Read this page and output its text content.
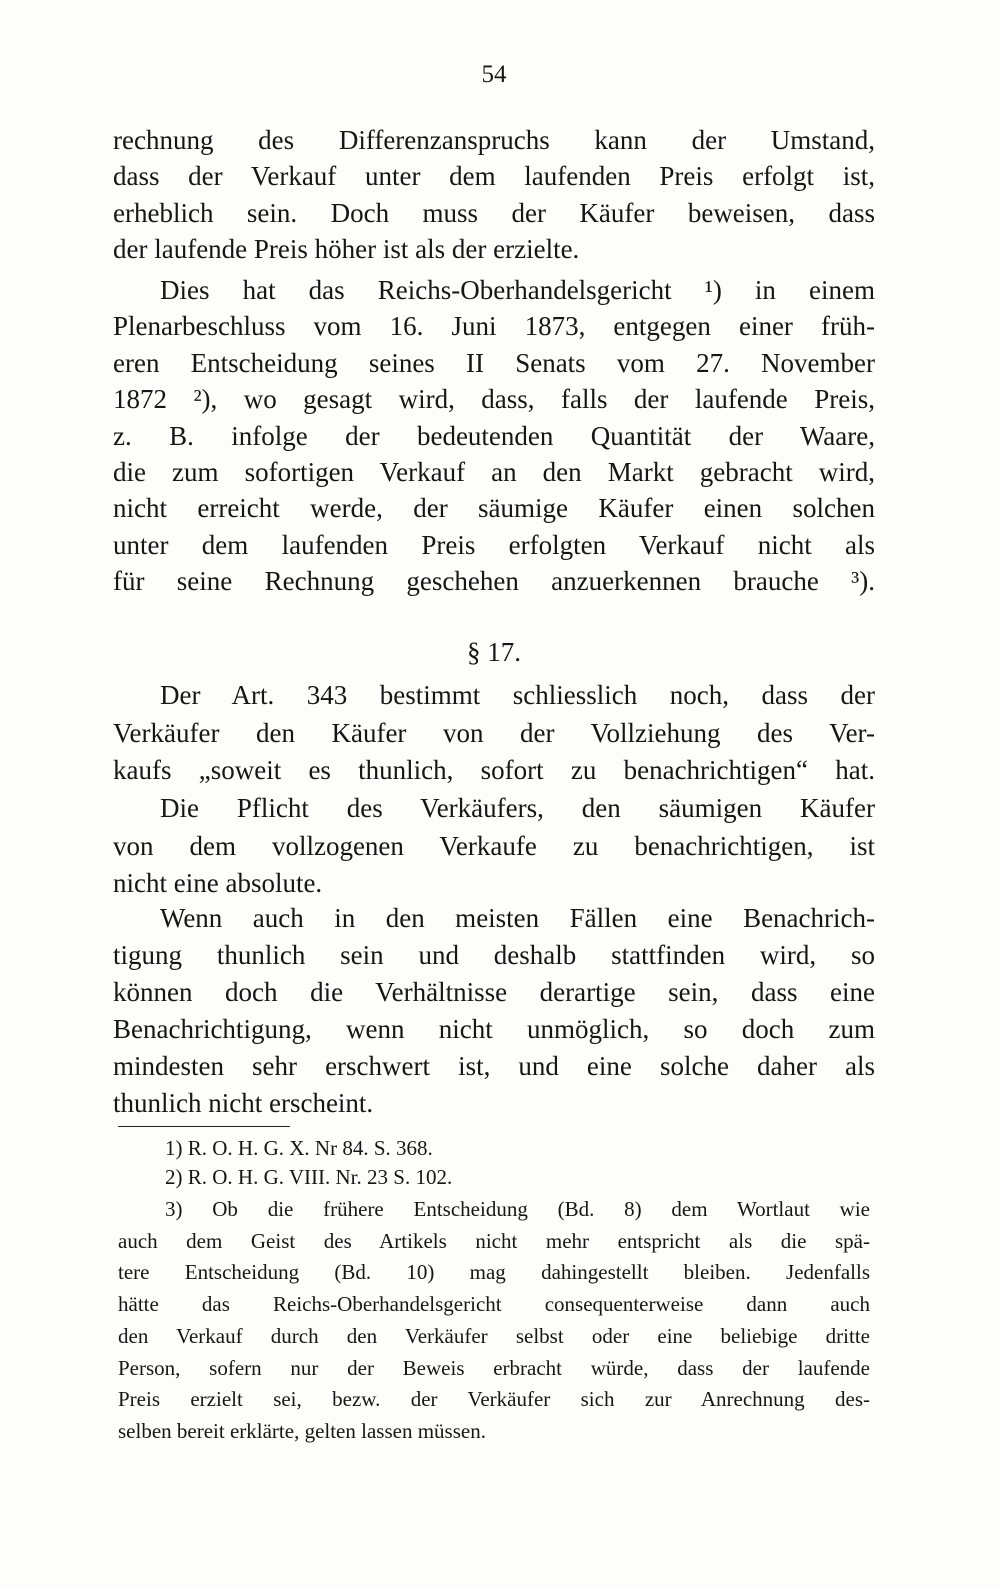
54
rechnung des Differenzanspruchs kann der Umstand,
dass der Verkauf unter dem laufenden Preis erfolgt ist,
erheblich sein. Doch muss der Käufer beweisen, dass
der laufende Preis höher ist als der erzielte.
Dies hat das Reichs-Oberhandelsgericht ¹) in einem
Plenarbeschluss vom 16. Juni 1873, entgegen einer früh-
eren Entscheidung seines II Senats vom 27. November
1872 ²), wo gesagt wird, dass, falls der laufende Preis,
z. B. infolge der bedeutenden Quantität der Waare,
die zum sofortigen Verkauf an den Markt gebracht wird,
nicht erreicht werde, der säumige Käufer einen solchen
unter dem laufenden Preis erfolgten Verkauf nicht als
für seine Rechnung geschehen anzuerkennen brauche ³).
§ 17.
Der Art. 343 bestimmt schliesslich noch, dass der
Verkäufer den Käufer von der Vollziehung des Ver-
kaufs „soweit es thunlich, sofort zu benachrichtigen“ hat.
Die Pflicht des Verkäufers, den säumigen Käufer
von dem vollzogenen Verkaufe zu benachrichtigen, ist
nicht eine absolute.
Wenn auch in den meisten Fällen eine Benachrich-
tigung thunlich sein und deshalb stattfinden wird, so
können doch die Verhältnisse derartige sein, dass eine
Benachrichtigung, wenn nicht unmöglich, so doch zum
mindesten sehr erschwert ist, und eine solche daher als
thunlich nicht erscheint.
1) R. O. H. G. X. Nr 84. S. 368.
2) R. O. H. G. VIII. Nr. 23 S. 102.
3) Ob die frühere Entscheidung (Bd. 8) dem Wortlaut wie
auch dem Geist des Artikels nicht mehr entspricht als die spä-
tere Entscheidung (Bd. 10) mag dahingestellt bleiben. Jedenfalls
hätte das Reichs-Oberhandelsgericht consequenterweise dann auch
den Verkauf durch den Verkäufer selbst oder eine beliebige dritte
Person, sofern nur der Beweis erbracht würde, dass der laufende
Preis erzielt sei, bezw. der Verkäufer sich zur Anrechnung des-
selben bereit erklärte, gelten lassen müssen.
